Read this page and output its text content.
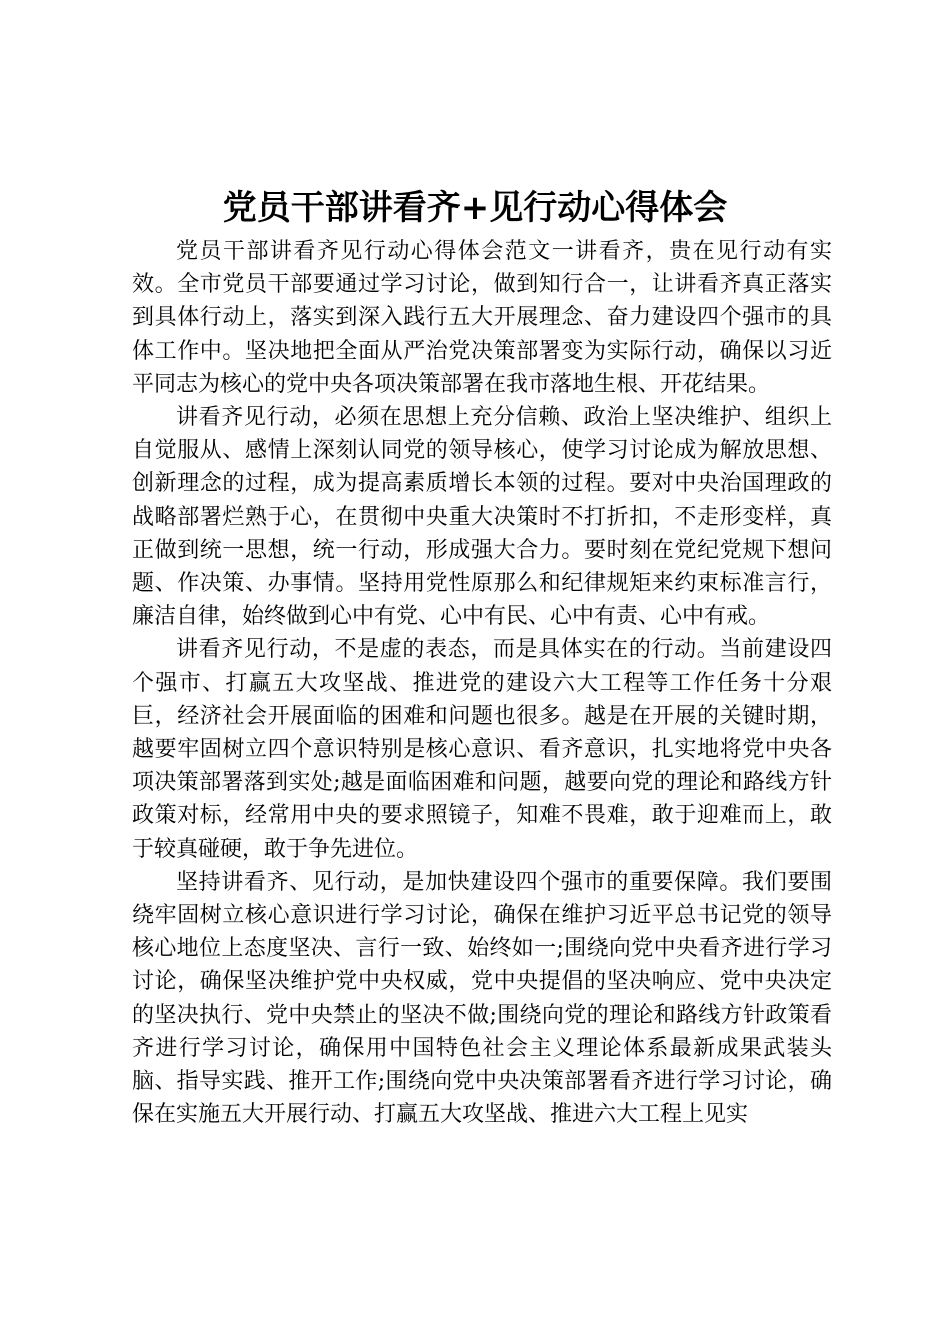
党员干部讲看齐+见行动心得体会

党员干部讲看齐见行动心得体会范文一讲看齐，贵在见行动有实效。全市党员干部要通过学习讨论，做到知行合一，让讲看齐真正落实到具体行动上，落实到深入践行五大开展理念、奋力建设四个强市的具体工作中。坚决地把全面从严治党决策部署变为实际行动，确保以习近平同志为核心的党中央各项决策部署在我市落地生根、开花结果。

讲看齐见行动，必须在思想上充分信赖、政治上坚决维护、组织上自觉服从、感情上深刻认同党的领导核心，使学习讨论成为解放思想、创新理念的过程，成为提高素质增长本领的过程。要对中央治国理政的战略部署烂熟于心，在贯彻中央重大决策时不打折扣，不走形变样，真正做到统一思想，统一行动，形成强大合力。要时刻在党纪党规下想问题、作决策、办事情。坚持用党性原那么和纪律规矩来约束标准言行，廉洁自律，始终做到心中有党、心中有民、心中有责、心中有戒。

讲看齐见行动，不是虚的表态，而是具体实在的行动。当前建设四个强市、打赢五大攻坚战、推进党的建设六大工程等工作任务十分艰巨，经济社会开展面临的困难和问题也很多。越是在开展的关键时期，越要牢固树立四个意识特别是核心意识、看齐意识，扎实地将党中央各项决策部署落到实处;越是面临困难和问题，越要向党的理论和路线方针政策对标，经常用中央的要求照镜子，知难不畏难，敢于迎难而上，敢于较真碰硬，敢于争先进位。

坚持讲看齐、见行动，是加快建设四个强市的重要保障。我们要围绕牢固树立核心意识进行学习讨论，确保在维护习近平总书记党的领导核心地位上态度坚决、言行一致、始终如一;围绕向党中央看齐进行学习讨论，确保坚决维护党中央权威，党中央提倡的坚决响应、党中央决定的坚决执行、党中央禁止的坚决不做;围绕向党的理论和路线方针政策看齐进行学习讨论，确保用中国特色社会主义理论体系最新成果武装头脑、指导实践、推开工作;围绕向党中央决策部署看齐进行学习讨论，确保在实施五大开展行动、打赢五大攻坚战、推进六大工程上见实
